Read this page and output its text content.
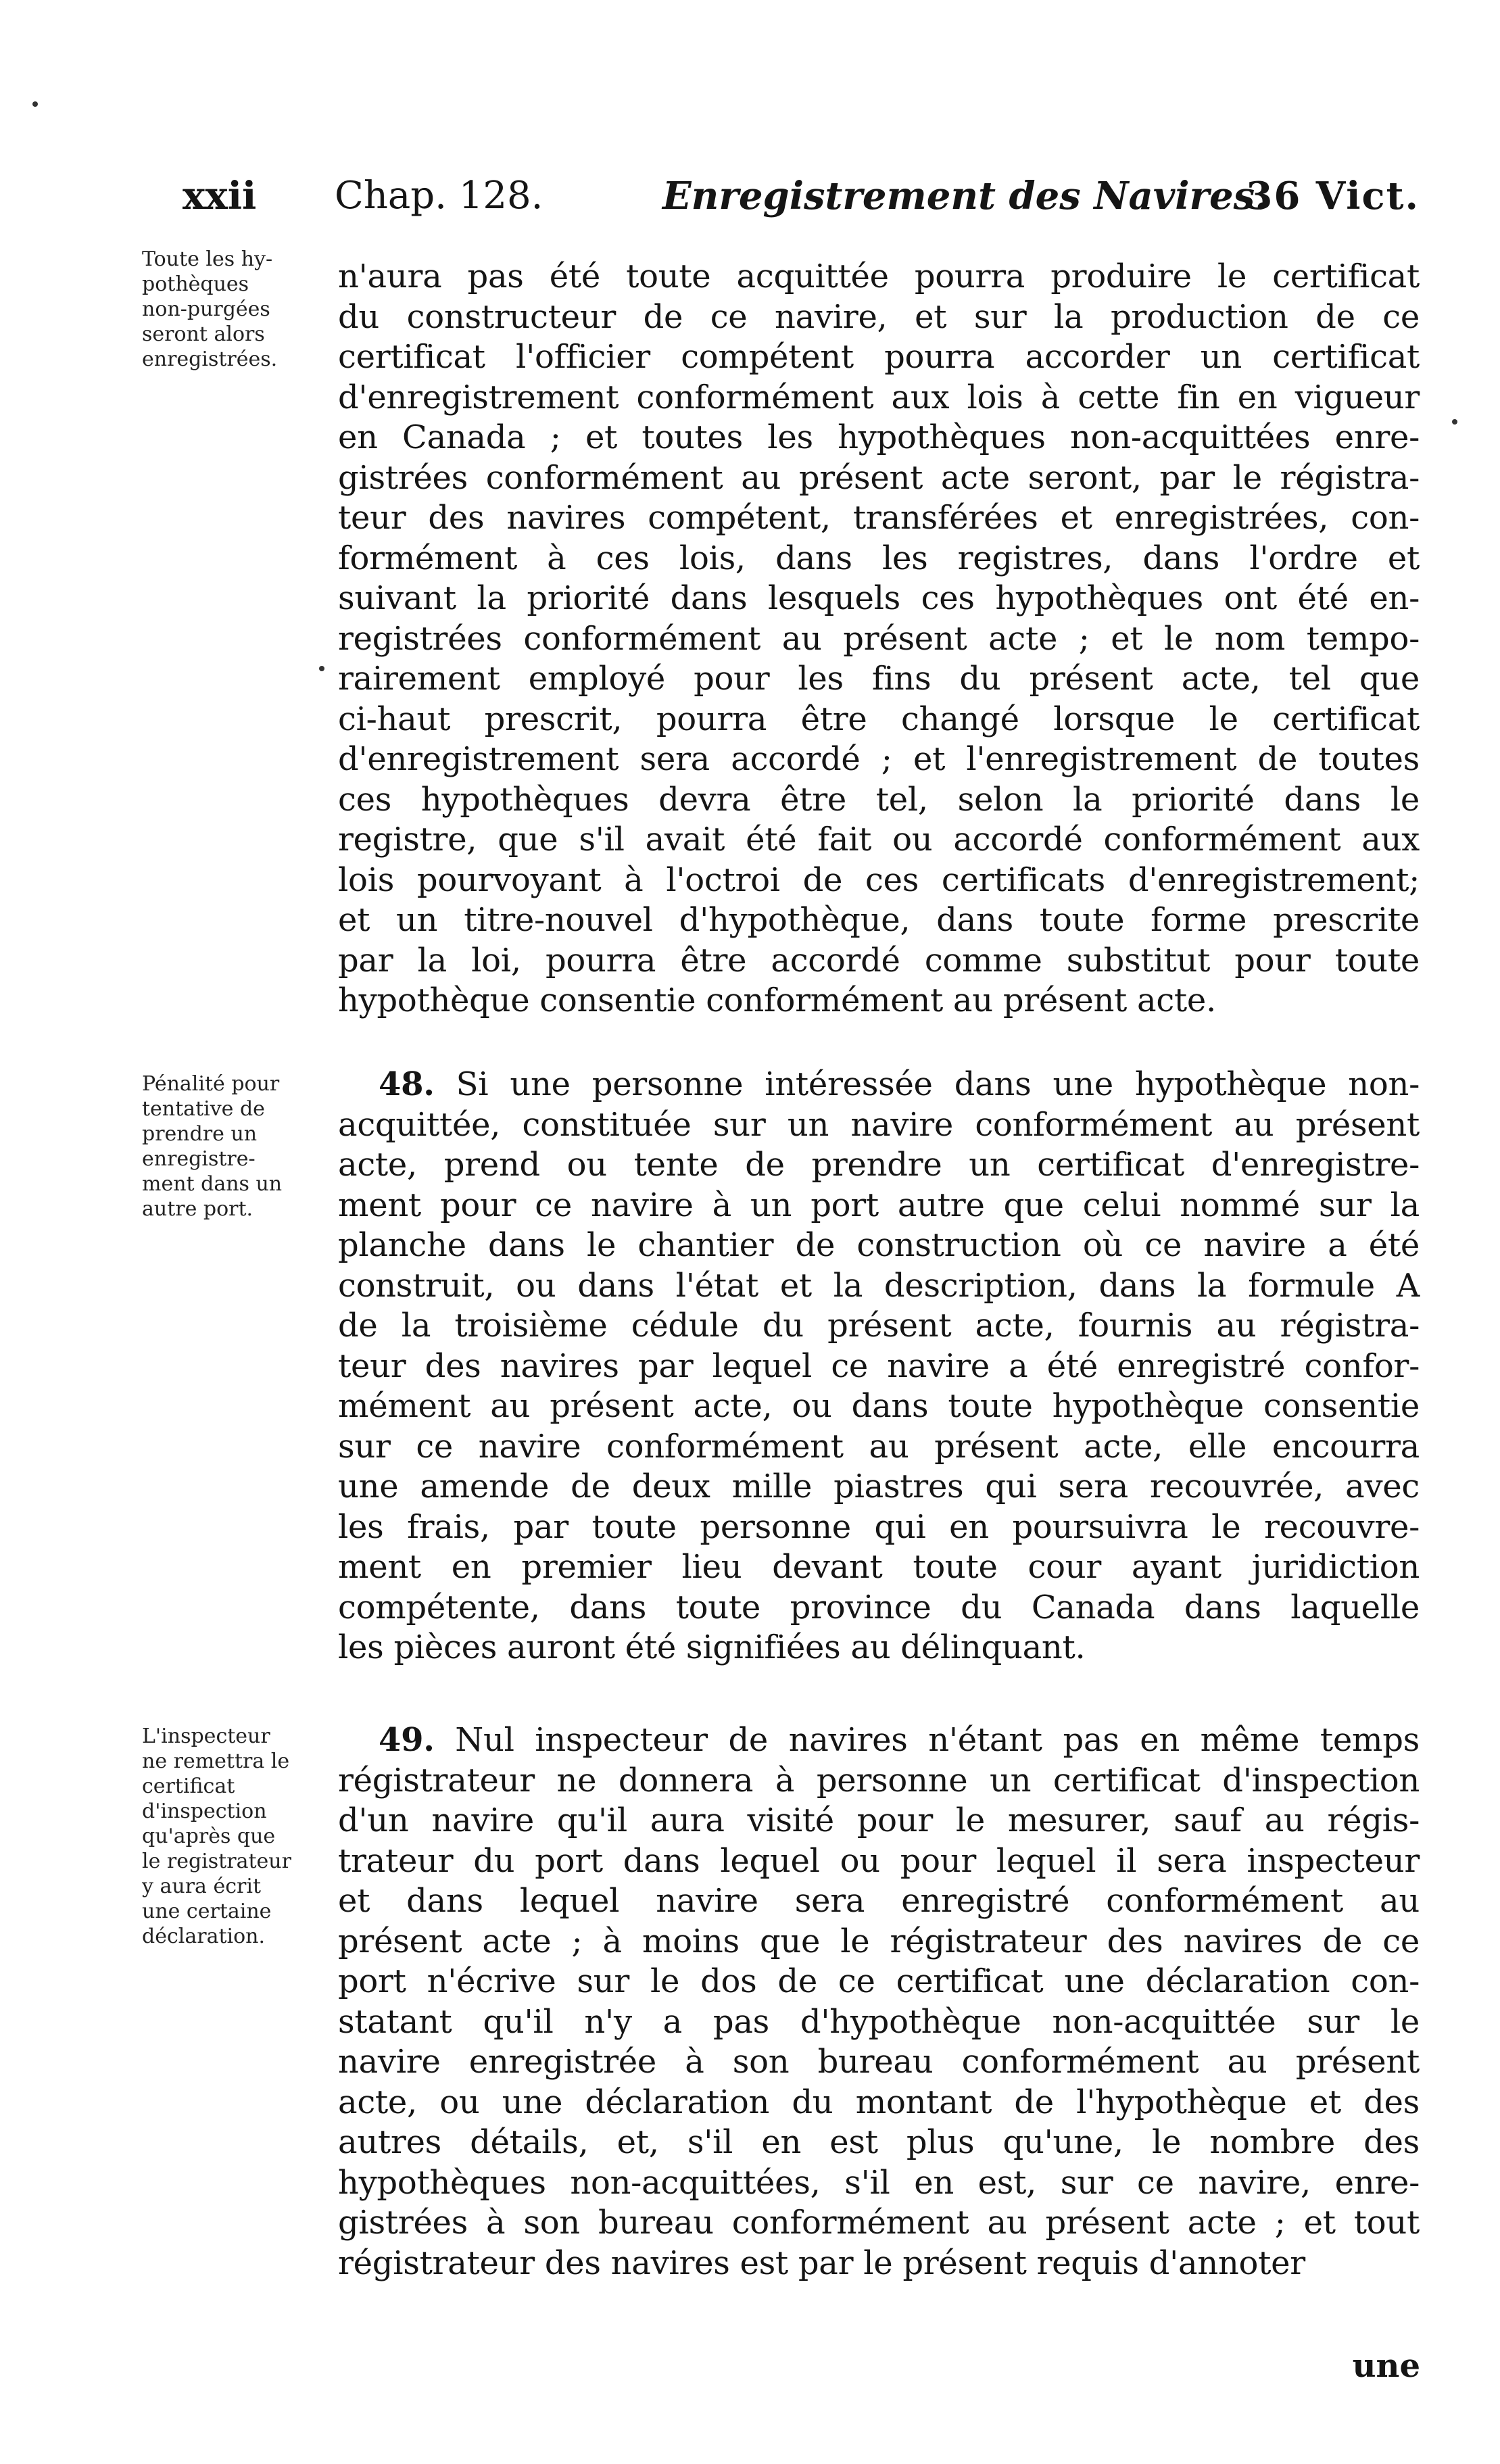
xxii Chap. 128.	Enregistrement des Navires.
36 Vict.
Toute les hy-
pothèques
non-purgées
seront alors
enregistrées.
n'aura pas été toute acquittée pourra produire le certificat
du constructeur de ce navire, et sur la production de ce
certificat l'officier compétent pourra accorder un certificat
d'enregistrement conformément aux lois à cette fin en vigueur
en Canada ; et toutes les hypothèques non-acquittées enre-
gistrées conformément au présent acte seront, par le régistra-
teur des navires compétent, transférées et enregistrées, con-
formément à ces lois, dans les registres, dans l'ordre et
suivant la priorité dans lesquels ces hypothèques ont été en-
registrées conformément au présent acte ; et le nom tempo-
rairement employé pour les fins du présent acte, tel que
ci-haut prescrit, pourra être changé lorsque le certificat
d'enregistrement sera accordé ; et l'enregistrement de toutes
ces hypothèques devra être tel, selon la priorité dans le
registre, que s'il avait été fait ou accordé conformément aux
lois pourvoyant à l'octroi de ces certificats d'enregistrement;
et un titre-nouvel d'hypothèque, dans toute forme prescrite
par la loi, pourra être accordé comme substitut pour toute
hypothèque consentie conformément au présent acte.
Pénalité pour
tentative de
prendre un
enregistre-
ment dans un
autre port.
48. Si une personne intéressée dans une hypothèque non-
acquittée, constituée sur un navire conformément au présent
acte, prend ou tente de prendre un certificat d'enregistre-
ment pour ce navire à un port autre que celui nommé sur la
planche dans le chantier de construction où ce navire a été
construit, ou dans l'état et la description, dans la formule A
de la troisième cédule du présent acte, fournis au régistra-
teur des navires par lequel ce navire a été enregistré confor-
mément au présent acte, ou dans toute hypothèque consentie
sur ce navire conformément au présent acte, elle encourra
une amende de deux mille piastres qui sera recouvrée, avec
les frais, par toute personne qui en poursuivra le recouvre-
ment en premier lieu devant toute cour ayant juridiction
compétente, dans toute province du Canada dans laquelle
les pièces auront été signifiées au délinquant.
L'inspecteur
ne remettra le
certificat
d'inspection
qu'après que
le registrateur
y aura écrit
une certaine
déclaration.
49. Nul inspecteur de navires n'étant pas en même temps
régistrateur ne donnera à personne un certificat d'inspection
d'un navire qu'il aura visité pour le mesurer, sauf au régis-
trateur du port dans lequel ou pour lequel il sera inspecteur
et dans lequel navire sera enregistré conformément au
présent acte ; à moins que le régistrateur des navires de ce
port n'écrive sur le dos de ce certificat une déclaration con-
statant qu'il n'y a pas d'hypothèque non-acquittée sur le
navire enregistrée à son bureau conformément au présent
acte, ou une déclaration du montant de l'hypothèque et des
autres détails, et, s'il en est plus qu'une, le nombre des
hypothèques non-acquittées, s'il en est, sur ce navire, enre-
gistrées à son bureau conformément au présent acte ; et tout
régistrateur des navires est par le présent requis d'annoter
une
